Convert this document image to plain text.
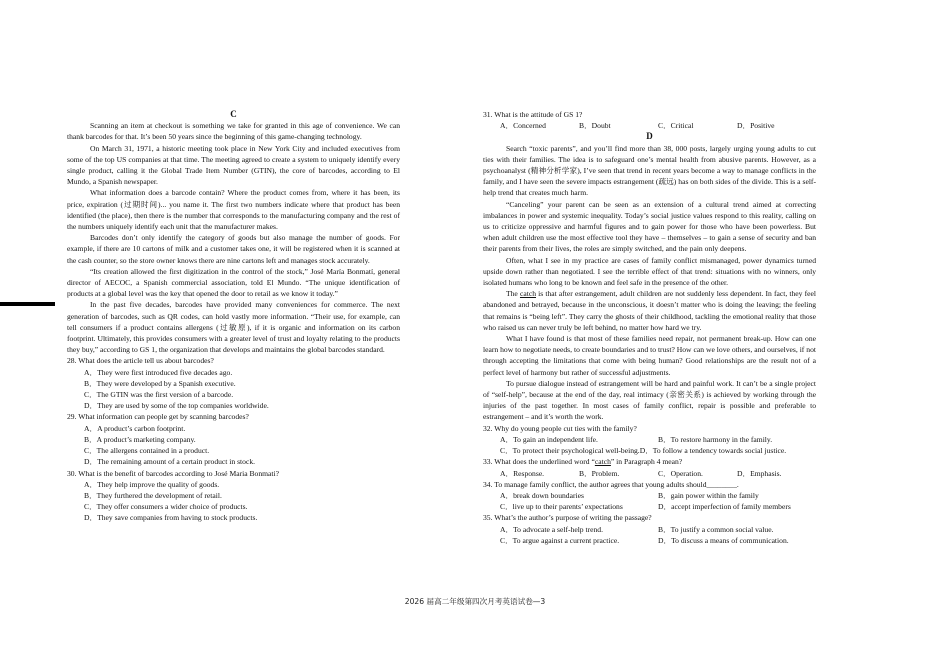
C

Scanning an item at checkout is something we take for granted in this age of convenience. We can thank barcodes for that. It’s been 50 years since the beginning of this game-changing technology.

On March 31, 1971, a historic meeting took place in New York City and included executives from some of the top US companies at that time. The meeting agreed to create a system to uniquely identify every single product, calling it the Global Trade Item Number (GTIN), the core of barcodes, according to El Mundo, a Spanish newspaper.

What information does a barcode contain? Where the product comes from, where it has been, its price, expiration (过期时间)... you name it. The first two numbers indicate where that product has been identified (the place), then there is the number that corresponds to the manufacturing company and the rest of the numbers uniquely identify each unit that the manufacturer makes.

Barcodes don’t only identify the category of goods but also manage the number of goods. For example, if there are 10 cartons of milk and a customer takes one, it will be registered when it is scanned at the cash counter, so the store owner knows there are nine cartons left and manages stock accurately.

“Its creation allowed the first digitization in the control of the stock,” José María Bonmatí, general director of AECOC, a Spanish commercial association, told El Mundo. “The unique identification of products at a global level was the key that opened the door to retail as we know it today.”

In the past five decades, barcodes have provided many conveniences for commerce. The next generation of barcodes, such as QR codes, can hold vastly more information. “Their use, for example, can tell consumers if a product contains allergens (过敏原), if it is organic and information on its carbon footprint. Ultimately, this provides consumers with a greater level of trust and loyalty relating to the products they buy,” according to GS 1, the organization that develops and maintains the global barcodes standard.

28. What does the article tell us about barcodes?

A．They were first introduced five decades ago.
B．They were developed by a Spanish executive.
C．The GTIN was the first version of a barcode.
D．They are used by some of the top companies worldwide.

29. What information can people get by scanning barcodes?

A．A product’s carbon footprint.
B．A product’s marketing company.
C．The allergens contained in a product.
D．The remaining amount of a certain product in stock.

30. What is the benefit of barcodes according to José Maria Bonmati?

A．They help improve the quality of goods.
B．They furthered the development of retail.
C．They offer consumers a wider choice of products.
D．They save companies from having to stock products.

31. What is the attitude of GS 1?

A．Concerned	B．Doubt	C．Critical	D．Positive
D

Search “toxic parents”, and you’ll find more than 38, 000 posts, largely urging young adults to cut ties with their families. The idea is to safeguard one’s mental health from abusive parents. However, as a psychoanalyst (精神分析学家), I’ve seen that trend in recent years become a way to manage conflicts in the family, and I have seen the severe impacts estrangement (疏远) has on both sides of the divide. This is a self-help trend that creates much harm.

“Canceling” your parent can be seen as an extension of a cultural trend aimed at correcting imbalances in power and systemic inequality. Today’s social justice values respond to this reality, calling on us to criticize oppressive and harmful figures and to gain power for those who have been powerless. But when adult children use the most effective tool they have – themselves – to gain a sense of security and ban their parents from their lives, the roles are simply switched, and the pain only deepens.

Often, what I see in my practice are cases of family conflict mismanaged, power dynamics turned upside down rather than negotiated. I see the terrible effect of that trend: situations with no winners, only isolated humans who long to be known and feel safe in the presence of the other.

The catch is that after estrangement, adult children are not suddenly less dependent. In fact, they feel abandoned and betrayed, because in the unconscious, it doesn’t matter who is doing the leaving; the feeling that remains is “being left”. They carry the ghosts of their childhood, tackling the emotional reality that those who raised us can never truly be left behind, no matter how hard we try.

What I have found is that most of these families need repair, not permanent break-up. How can one learn how to negotiate needs, to create boundaries and to trust? How can we love others, and ourselves, if not through accepting the limitations that come with being human? Good relationships are the result not of a perfect level of harmony but rather of successful adjustments.

To pursue dialogue instead of estrangement will be hard and painful work. It can’t be a single project of “self-help”, because at the end of the day, real intimacy (亲密关系) is achieved by working through the injuries of the past together. In most cases of family conflict, repair is possible and preferable to estrangement – and it’s worth the work.

32. Why do young people cut ties with the family?

A．To gain an independent life.	B．To restore harmony in the family.
C．To protect their psychological well-being. D．To follow a tendency towards social justice.

33. What does the underlined word “catch” in Paragraph 4 mean?

A．Response.	B．Problem.	C．Operation.	D．Emphasis.

34. To manage family conflict, the author agrees that young adults should________.

A．break down boundaries	B．gain power within the family
C．live up to their parents’ expectations	D．accept imperfection of family members

35. What’s the author’s purpose of writing the passage?

A．To advocate a self-help trend.	B．To justify a common social value.
C．To argue against a current practice.	D．To discuss a means of communication.
2026 届高二年级第四次月考英语试卷—3
